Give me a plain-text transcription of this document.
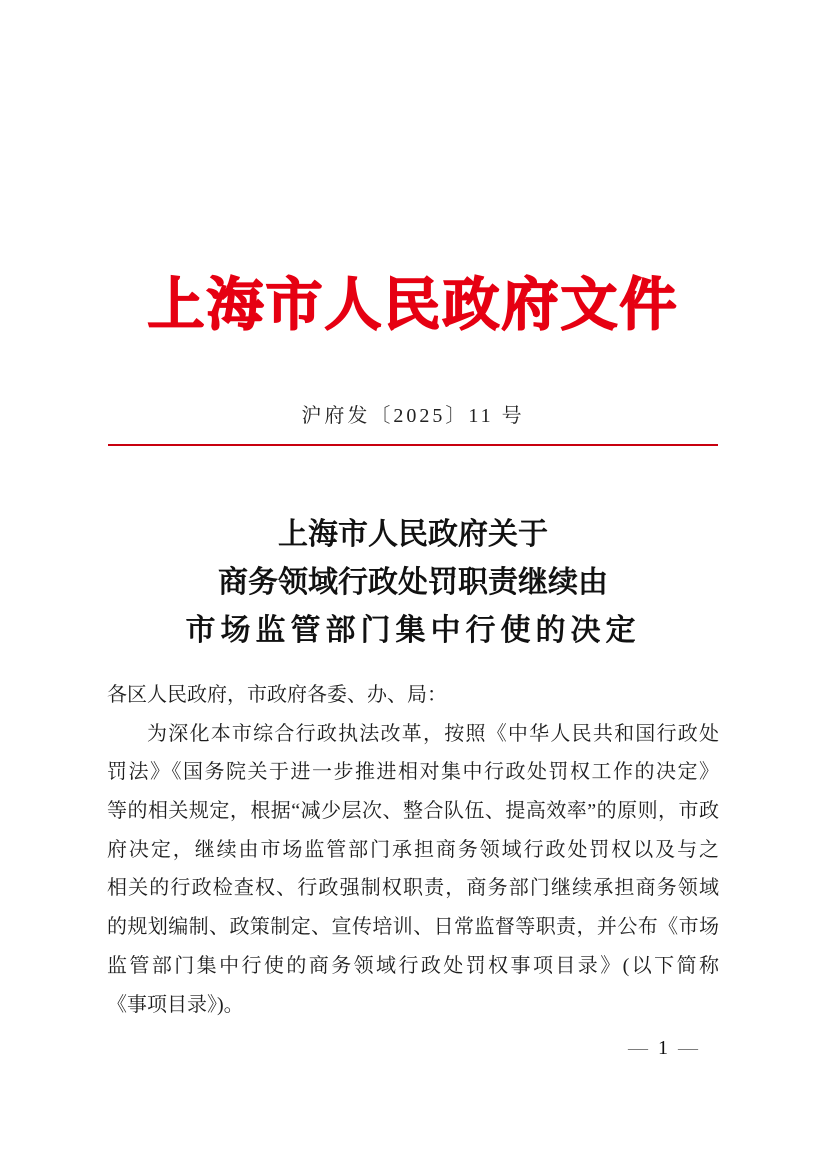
上海市人民政府文件
沪府发〔2025〕11 号
上海市人民政府关于
商务领域行政处罚职责继续由
市场监管部门集中行使的决定
各区人民政府，市政府各委、办、局：
为深化本市综合行政执法改革，按照《中华人民共和国行政处
罚法》《国务院关于进一步推进相对集中行政处罚权工作的决定》
等的相关规定，根据“减少层次、整合队伍、提高效率”的原则，市政
府决定，继续由市场监管部门承担商务领域行政处罚权以及与之
相关的行政检查权、行政强制权职责，商务部门继续承担商务领域
的规划编制、政策制定、宣传培训、日常监督等职责，并公布《市场
监管部门集中行使的商务领域行政处罚权事项目录》(以下简称
《事项目录》)。
— 1 —
